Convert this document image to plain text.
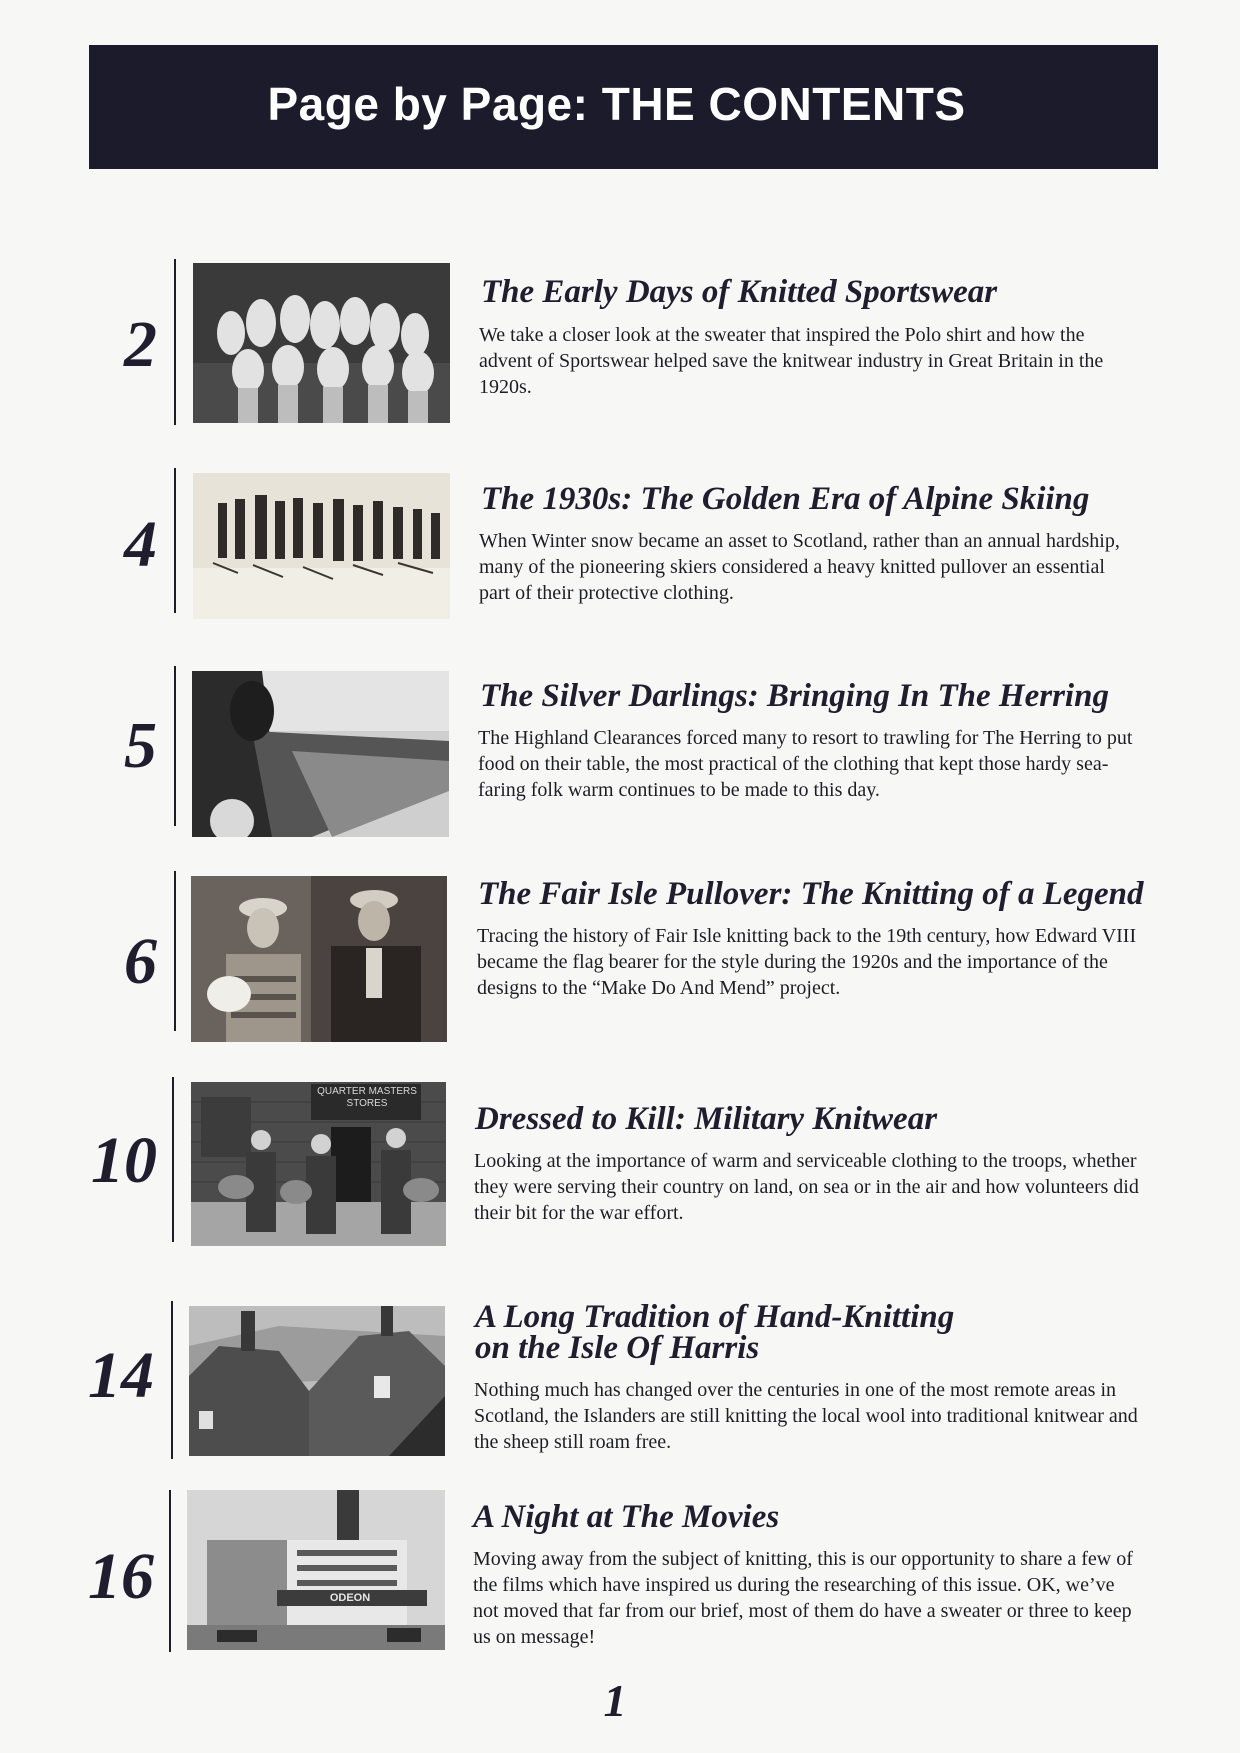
Page by Page: THE CONTENTS
2
The Early Days of Knitted Sportswear
We take a closer look at the sweater that inspired the Polo shirt and how the advent of Sportswear helped save the knitwear industry in Great Britain in the 1920s.
4
The 1930s: The Golden Era of Alpine Skiing
When Winter snow became an asset to Scotland, rather than an annual hardship, many of the pioneering skiers considered a heavy knitted pullover an essential part of their protective clothing.
5
The Silver Darlings: Bringing In The Herring
The Highland Clearances forced many to resort to trawling for The Herring to put food on their table, the most practical of the clothing that kept those hardy sea-faring folk warm continues to be made to this day.
6
The Fair Isle Pullover: The Knitting of a Legend
Tracing the history of Fair Isle knitting back to the 19th century, how Edward VIII became the flag bearer for the style during the 1920s and the importance of the designs to the “Make Do And Mend” project.
10
QUARTER MASTERS STORES	Dressed to Kill: Military Knitwear
Looking at the importance of warm and serviceable clothing to the troops, whether they were serving their country on land, on sea or in the air and how volunteers did their bit for the war effort.
14
A Long Tradition of Hand-Knitting
on the Isle Of Harris
Nothing much has changed over the centuries in one of the most remote areas in Scotland, the Islanders are still knitting the local wool into traditional knitwear and the sheep still roam free.
16	ODEON
A Night at The Movies
Moving away from the subject of knitting, this is our opportunity to share a few of the films which have inspired us during the researching of this issue. OK, we’ve not moved that far from our brief, most of them do have a sweater or three to keep us on message!
1
